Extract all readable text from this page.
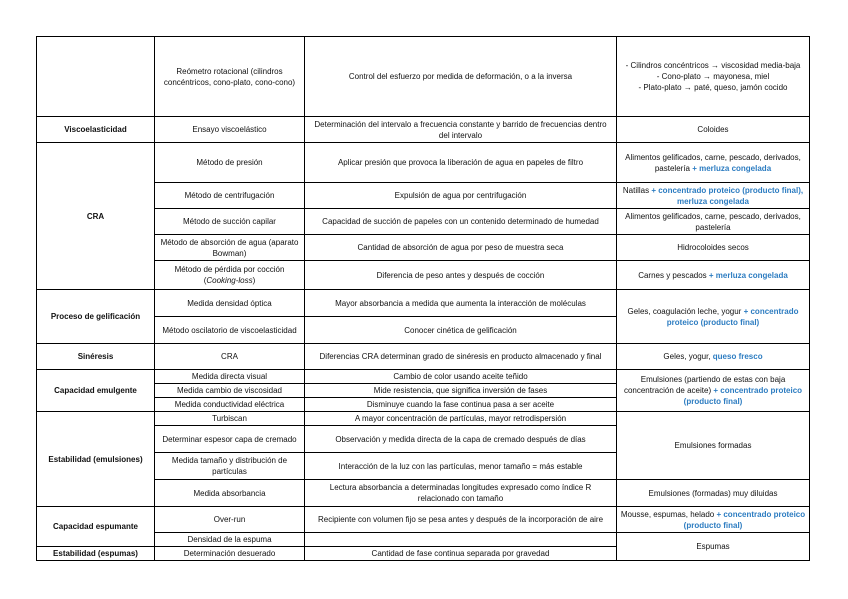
	Reómetro rotacional (cilindros concéntricos, cono-plato, cono-cono)	Control del esfuerzo por medida de deformación, o a la inversa	- Cilindros concéntricos → viscosidad media-baja
- Cono-plato → mayonesa, miel
- Plato-plato → paté, queso, jamón cocido

Viscoelasticidad	Ensayo viscoelástico	Determinación del intervalo a frecuencia constante y barrido de frecuencias dentro del intervalo	Coloides
CRA	Método de presión	Aplicar presión que provoca la liberación de agua en papeles de filtro	Alimentos gelificados, carne, pescado, derivados, pastelería + merluza congelada
	Método de centrifugación	Expulsión de agua por centrifugación	Natillas + concentrado proteico (producto final), merluza congelada
	Método de succión capilar	Capacidad de succión de papeles con un contenido determinado de humedad	Alimentos gelificados, carne, pescado, derivados, pastelería
	Método de absorción de agua (aparato Bowman)	Cantidad de absorción de agua por peso de muestra seca	Hidrocoloides secos
	Método de pérdida por cocción (Cooking-loss)	Diferencia de peso antes y después de cocción	Carnes y pescados + merluza congelada
Proceso de gelificación	Medida densidad óptica	Mayor absorbancia a medida que aumenta la interacción de moléculas	Geles, coagulación leche, yogur + concentrado proteico (producto final)
	Método oscilatorio de viscoelasticidad	Conocer cinética de gelificación	
Sinéresis	CRA	Diferencias CRA determinan grado de sinéresis en producto almacenado y final	Geles, yogur, queso fresco
Capacidad emulgente	Medida directa visual	Cambio de color usando aceite teñido	Emulsiones (partiendo de estas con baja concentración de aceite) + concentrado proteico (producto final)
	Medida cambio de viscosidad	Mide resistencia, que significa inversión de fases	
	Medida conductividad eléctrica	Disminuye cuando la fase continua pasa a ser aceite	
Estabilidad (emulsiones)	Turbiscan	A mayor concentración de partículas, mayor retrodispersión	Emulsiones formadas
	Determinar espesor capa de cremado	Observación y medida directa de la capa de cremado después de días	
	Medida tamaño y distribución de partículas	Interacción de la luz con las partículas, menor tamaño = más estable	
	Medida absorbancia	Lectura absorbancia a determinadas longitudes expresado como índice R relacionado con tamaño	Emulsiones (formadas) muy diluidas
Capacidad espumante	Over-run	Recipiente con volumen fijo se pesa antes y después de la incorporación de aire	Mousse, espumas, helado + concentrado proteico (producto final)
	Densidad de la espuma		Espumas
Estabilidad (espumas)	Determinación desuerado	Cantidad de fase continua separada por gravedad	
